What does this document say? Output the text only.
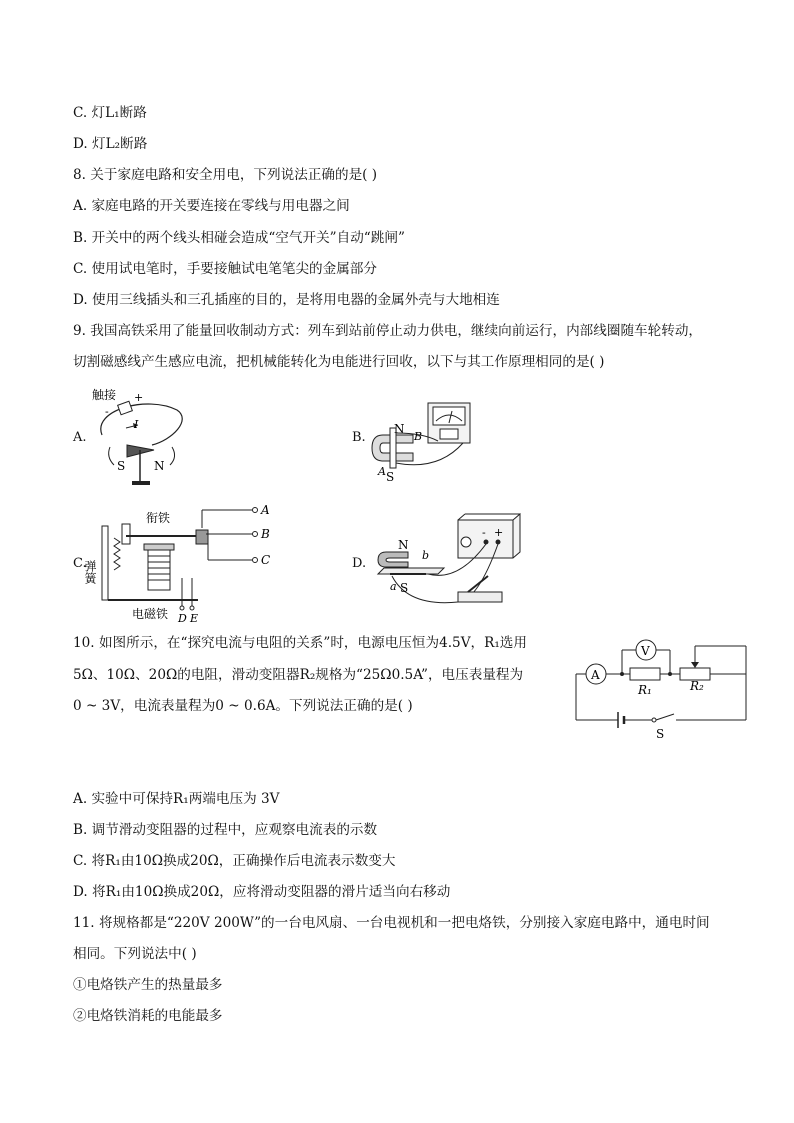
C. 灯L₁断路
D. 灯L₂断路
8. 关于家庭电路和安全用电，下列说法正确的是( )
A. 家庭电路的开关要连接在零线与用电器之间
B. 开关中的两个线头相碰会造成“空气开关”自动“跳闸”
C. 使用试电笔时，手要接触试电笔笔尖的金属部分
D. 使用三线插头和三孔插座的目的，是将用电器的金属外壳与大地相连
9. 我国高铁采用了能量回收制动方式：列车到站前停止动力供电，继续向前运行，内部线圈随车轮转动，
切割磁感线产生感应电流，把机械能转化为电能进行回收，以下与其工作原理相同的是( )
A.
触接
I
+
-
S N
B.
N
B
A S
C.
衔铁
弹簧
电磁铁
A
B
C
D E
D.
N
b
a S
- +
10. 如图所示，在“探究电流与电阻的关系”时，电源电压恒为4.5V，R₁选用
5Ω、10Ω、20Ω的电阻，滑动变阻器R₂规格为“25Ω0.5A”，电压表量程为
0 ~ 3V，电流表量程为0 ~ 0.6A。下列说法正确的是( )
A
V
R₁	R₂
S
A. 实验中可保持R₁两端电压为 3V
B. 调节滑动变阻器的过程中，应观察电流表的示数
C. 将R₁由10Ω换成20Ω，正确操作后电流表示数变大
D. 将R₁由10Ω换成20Ω，应将滑动变阻器的滑片适当向右移动
11. 将规格都是“220V 200W”的一台电风扇、一台电视机和一把电烙铁，分别接入家庭电路中，通电时间
相同。下列说法中( )
①电烙铁产生的热量最多
②电烙铁消耗的电能最多
